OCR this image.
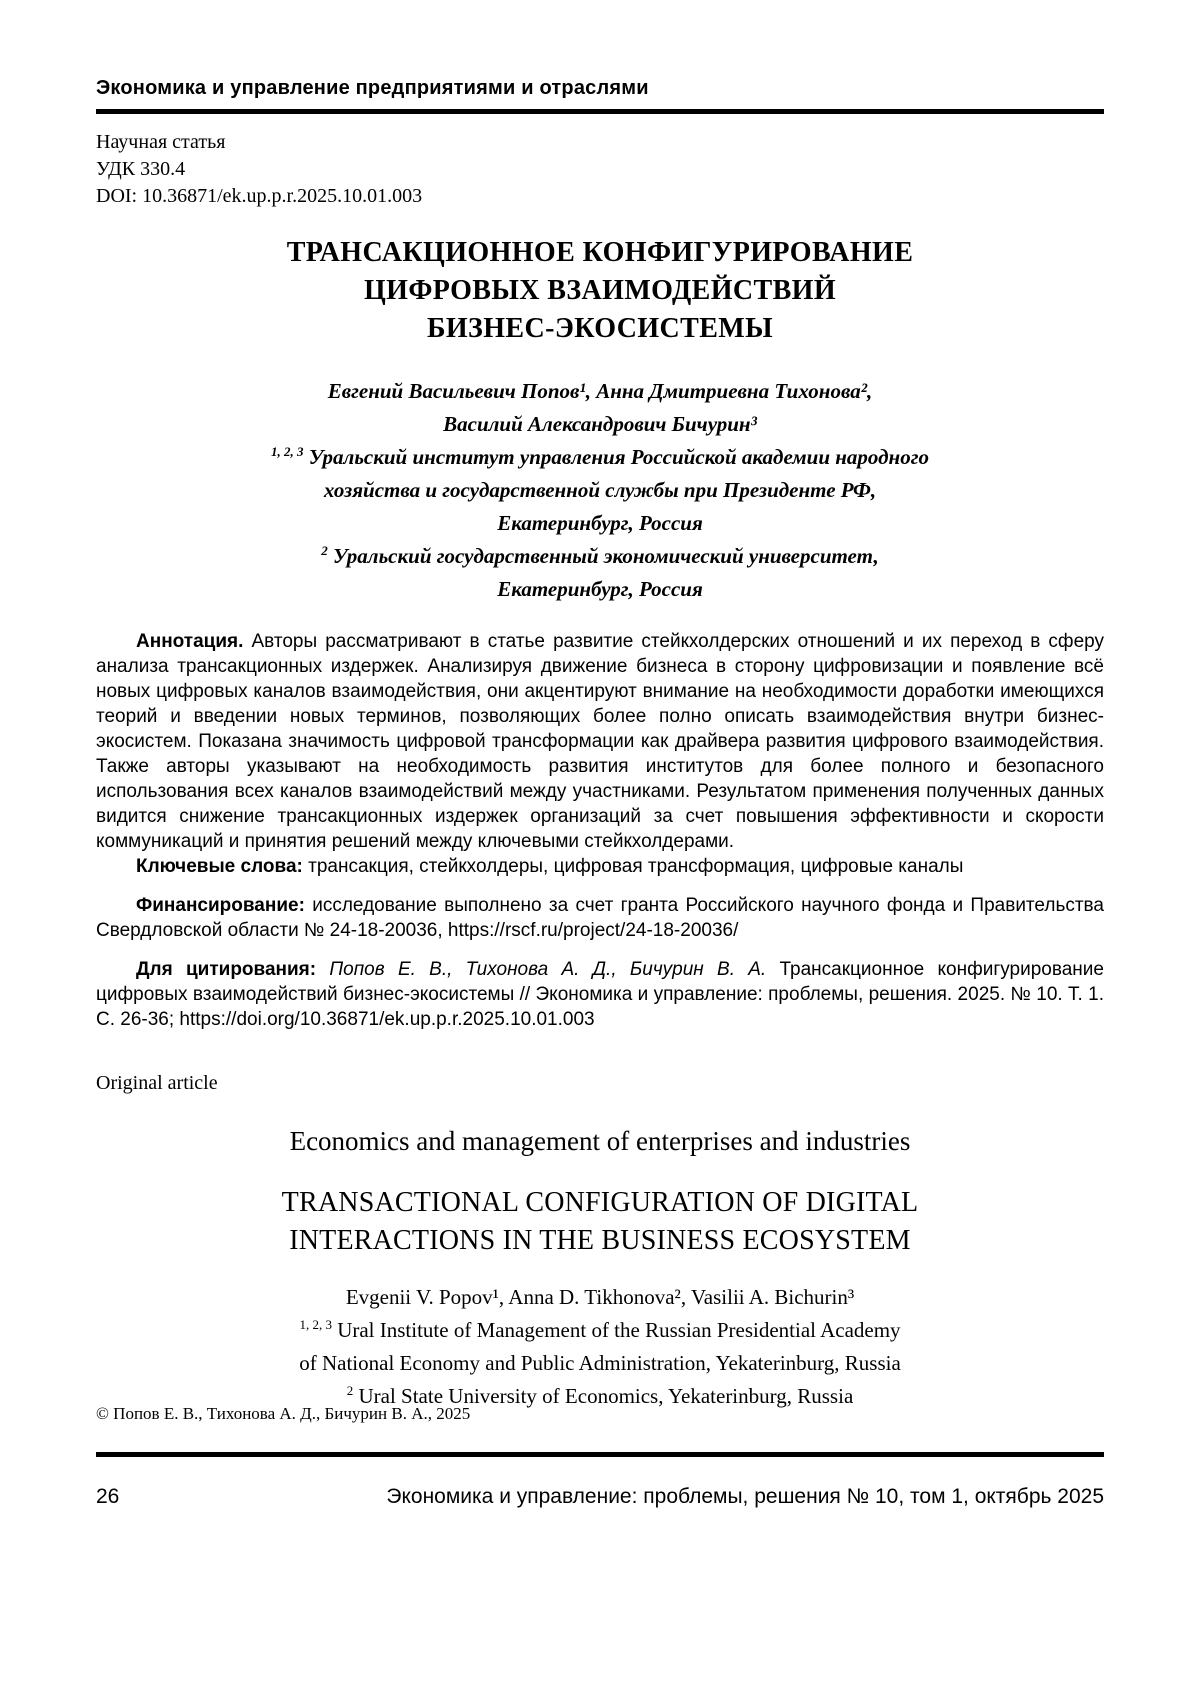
Экономика и управление предприятиями и отраслями
Научная статья
УДК 330.4
DOI: 10.36871/ek.up.p.r.2025.10.01.003
ТРАНСАКЦИОННОЕ КОНФИГУРИРОВАНИЕ
ЦИФРОВЫХ ВЗАИМОДЕЙСТВИЙ
БИЗНЕС-ЭКОСИСТЕМЫ
Евгений Васильевич Попов¹, Анна Дмитриевна Тихонова²,
Василий Александрович Бичурин³
$^{1, 2, 3}$ Уральский институт управления Российской академии народного
хозяйства и государственной службы при Президенте РФ,
Екатеринбург, Россия
$^2$ Уральский государственный экономический университет,
Екатеринбург, Россия

Аннотация. Авторы рассматривают в статье развитие стейкхолдерских отношений и их переход в сферу анализа трансакционных издержек. Анализируя движение бизнеса в сторону цифровизации и появление всё новых цифровых каналов взаимодействия, они акцентируют внимание на необходимости доработки имеющихся теорий и введении новых терминов, позволяющих более полно описать взаимодействия внутри бизнес-экосистем. Показана значимость цифровой трансформации как драйвера развития цифрового взаимодействия. Также авторы указывают на необходимость развития институтов для более полного и безопасного использования всех каналов взаимодействий между участниками. Результатом применения полученных данных видится снижение трансакционных издержек организаций за счет повышения эффективности и скорости коммуникаций и принятия решений между ключевыми стейкхолдерами.

Ключевые слова: трансакция, стейкхолдеры, цифровая трансформация, цифровые каналы

Финансирование: исследование выполнено за счет гранта Российского научного фонда и Правительства Свердловской области № 24-18-20036, https://rscf.ru/project/24-18-20036/

Для цитирования: Попов Е. В., Тихонова А. Д., Бичурин В. А. Трансакционное конфигурирование цифровых взаимодействий бизнес-экосистемы // Экономика и управление: проблемы, решения. 2025. № 10. Т. 1. С. 26-36; https://doi.org/10.36871/ek.up.p.r.2025.10.01.003

Original article
Economics and management of enterprises and industries
TRANSACTIONAL CONFIGURATION OF DIGITAL
INTERACTIONS IN THE BUSINESS ECOSYSTEM
Evgenii V. Popov¹, Anna D. Tikhonova², Vasilii A. Bichurin³
$^{1, 2, 3}$ Ural Institute of Management of the Russian Presidential Academy
of National Economy and Public Administration, Yekaterinburg, Russia
$^2$ Ural State University of Economics, Yekaterinburg, Russia
© Попов Е. В., Тихонова А. Д., Бичурин В. А., 2025
26	Экономика и управление: проблемы, решения № 10, том 1, октябрь 2025
